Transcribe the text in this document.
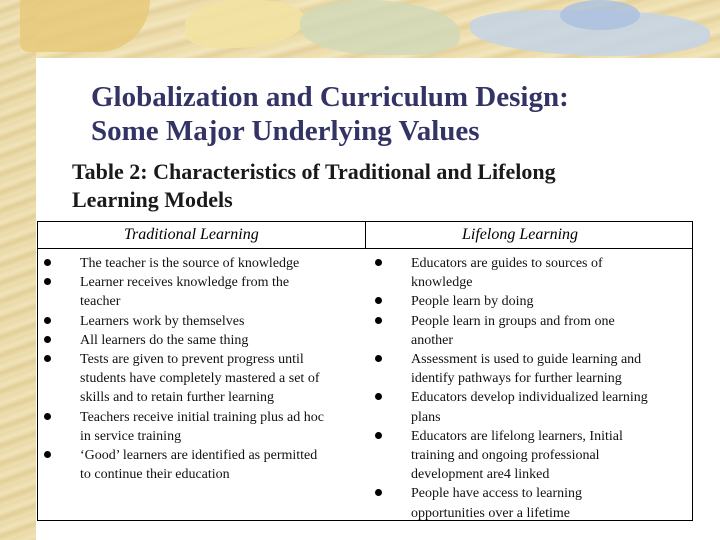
Globalization and Curriculum Design:
Some Major Underlying Values
Table 2: Characteristics of Traditional and Lifelong
Learning Models
Traditional Learning	Lifelong Learning
The teacher is the source of knowledge
Learner receives knowledge from the
teacher
Learners work by themselves
All learners do the same thing
Tests are given to prevent progress until
students have completely mastered a set of
skills and to retain further learning
Teachers receive initial training plus ad hoc
in service training
‘Good’ learners are identified as permitted
to continue their education
Educators are guides to sources of
knowledge
People learn by doing
People learn in groups and from one
another
Assessment is used to guide learning and
identify pathways for further learning
Educators develop individualized learning
plans
Educators are lifelong learners, Initial
training and ongoing professional
development are4 linked
People have access to learning
opportunities over a lifetime
